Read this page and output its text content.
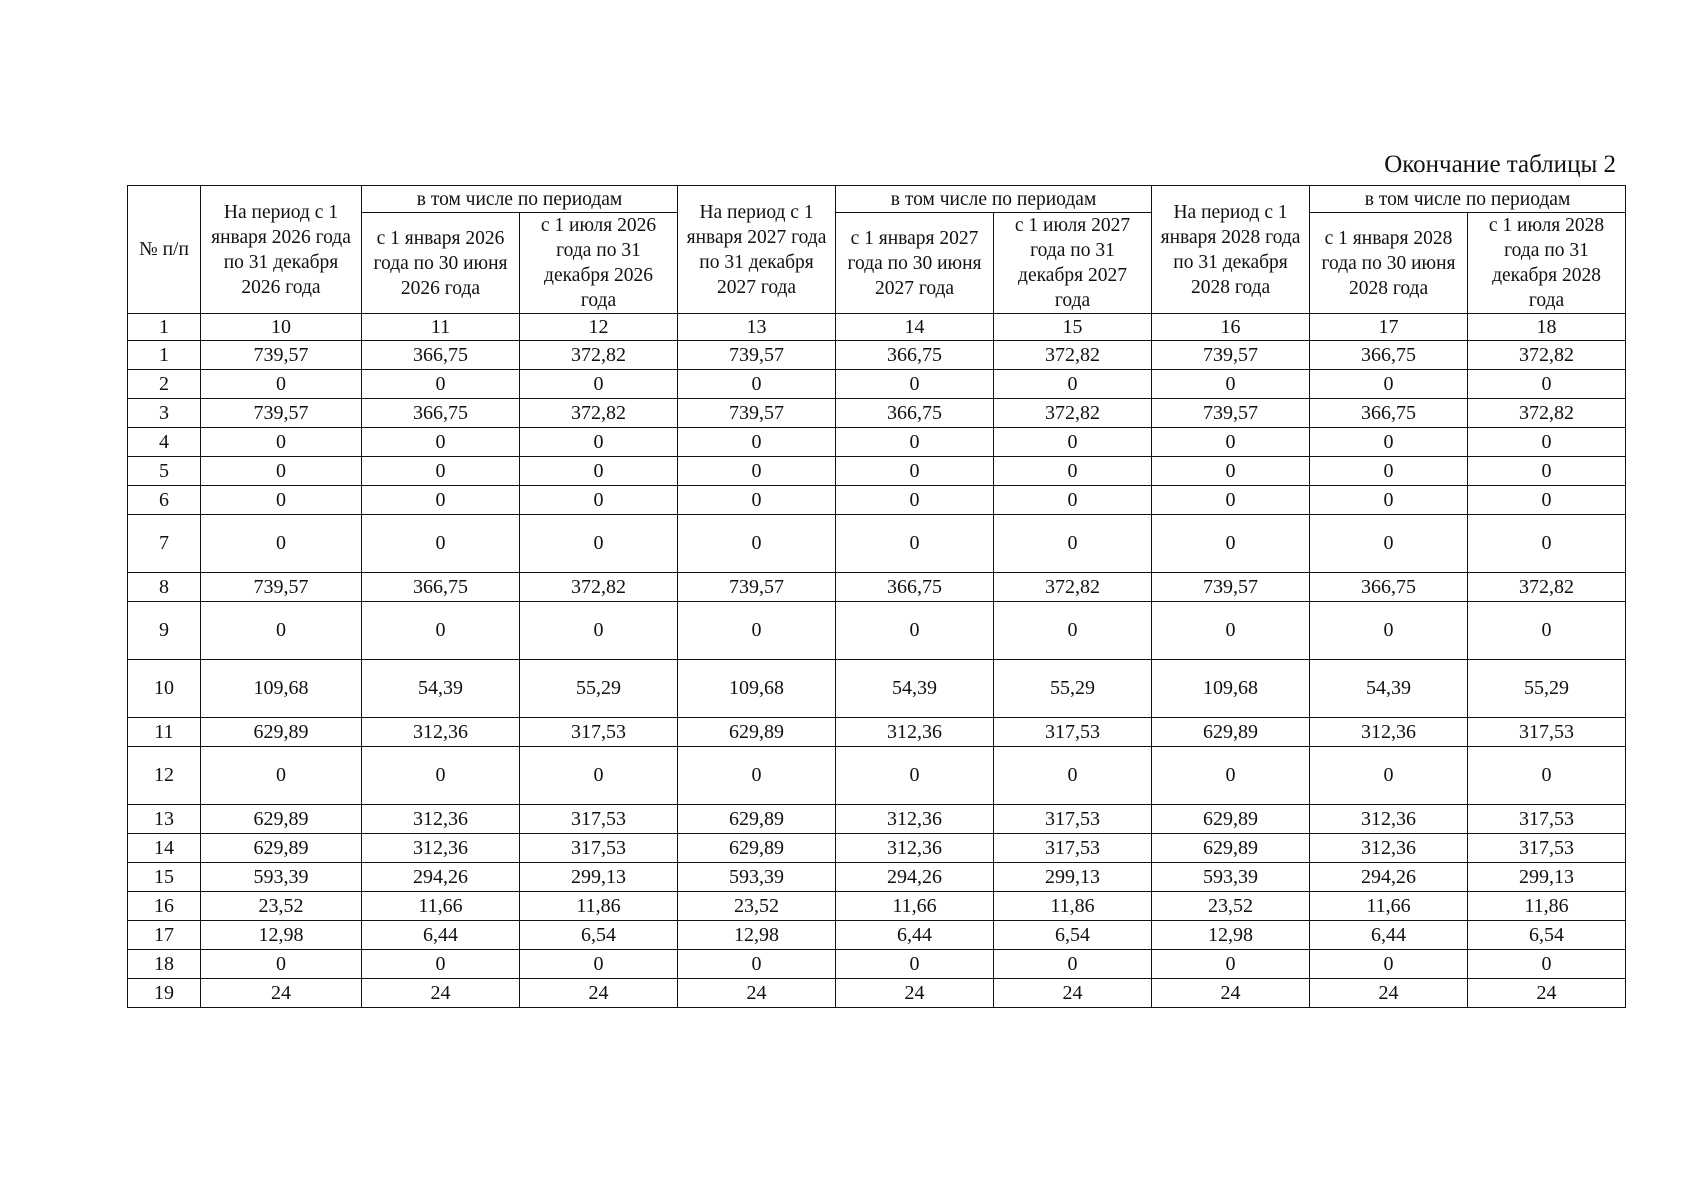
Окончание таблицы 2
№ п/п	На период с 1 января 2026 года по 31 декабря 2026 года	в том числе по периодам		На период с 1 января 2027 года по 31 декабря 2027 года	в том числе по периодам		На период с 1 января 2028 года по 31 декабря 2028 года	в том числе по периодам	
		с 1 января 2026 года по 30 июня 2026 года	с 1 июля 2026 года по 31 декабря 2026 года		с 1 января 2027 года по 30 июня 2027 года	с 1 июля 2027 года по 31 декабря 2027 года		с 1 января 2028 года по 30 июня 2028 года	с 1 июля 2028 года по 31 декабря 2028 года
1	10	11	12	13	14	15	16	17	18
1	739,57	366,75	372,82	739,57	366,75	372,82	739,57	366,75	372,82
2	0	0	0	0	0	0	0	0	0
3	739,57	366,75	372,82	739,57	366,75	372,82	739,57	366,75	372,82
4	0	0	0	0	0	0	0	0	0
5	0	0	0	0	0	0	0	0	0
6	0	0	0	0	0	0	0	0	0
7	0	0	0	0	0	0	0	0	0
8	739,57	366,75	372,82	739,57	366,75	372,82	739,57	366,75	372,82
9	0	0	0	0	0	0	0	0	0
10	109,68	54,39	55,29	109,68	54,39	55,29	109,68	54,39	55,29
11	629,89	312,36	317,53	629,89	312,36	317,53	629,89	312,36	317,53
12	0	0	0	0	0	0	0	0	0
13	629,89	312,36	317,53	629,89	312,36	317,53	629,89	312,36	317,53
14	629,89	312,36	317,53	629,89	312,36	317,53	629,89	312,36	317,53
15	593,39	294,26	299,13	593,39	294,26	299,13	593,39	294,26	299,13
16	23,52	11,66	11,86	23,52	11,66	11,86	23,52	11,66	11,86
17	12,98	6,44	6,54	12,98	6,44	6,54	12,98	6,44	6,54
18	0	0	0	0	0	0	0	0	0
19	24	24	24	24	24	24	24	24	24
